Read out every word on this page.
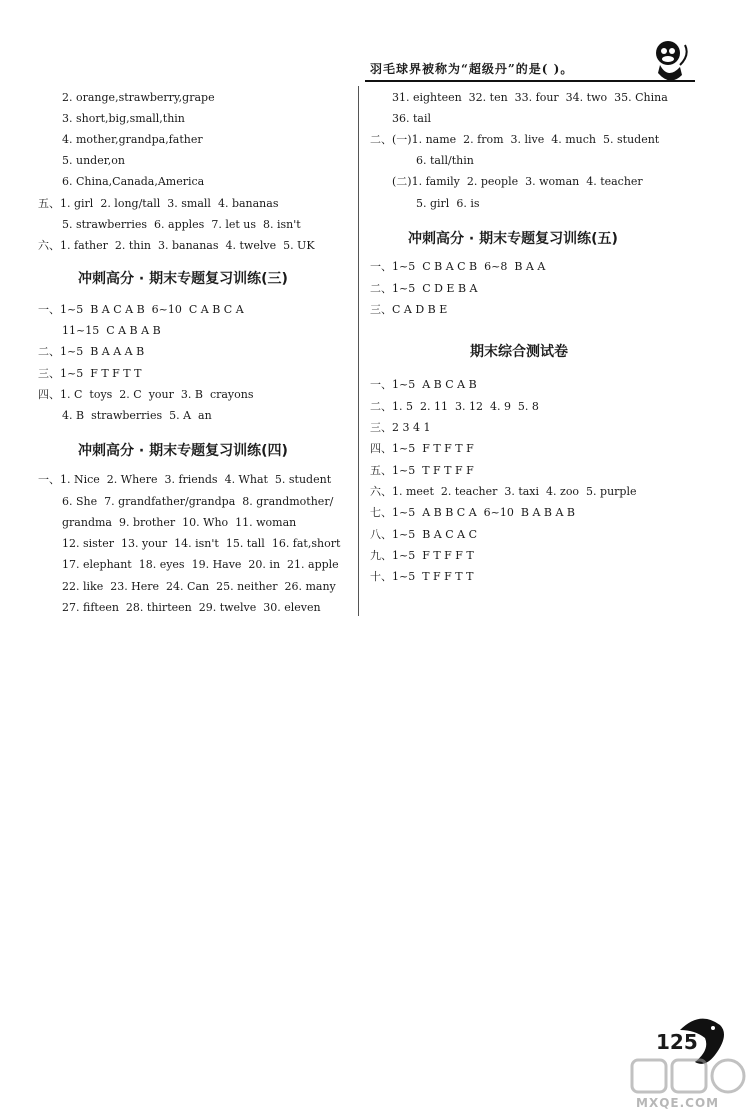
羽毛球界被称为“超级丹”的是( )。
2. orange,strawberry,grape
3. short,big,small,thin
4. mother,grandpa,father
5. under,on
6. China,Canada,America
五、1. girl  2. long/tall  3. small  4. bananas
5. strawberries  6. apples  7. let us  8. isn't
六、1. father  2. thin  3. bananas  4. twelve  5. UK
冲刺高分 · 期末专题复习训练(三)
一、1~5  B A C A B  6~10  C A B C A
11~15  C A B A B
二、1~5  B A A A B
三、1~5  F T F T T
四、1. C  toys  2. C  your  3. B  crayons
4. B  strawberries  5. A  an
冲刺高分 · 期末专题复习训练(四)
一、1. Nice  2. Where  3. friends  4. What  5. student
6. She  7. grandfather/grandpa  8. grandmother/
grandma  9. brother  10. Who  11. woman
12. sister  13. your  14. isn't  15. tall  16. fat,short
17. elephant  18. eyes  19. Have  20. in  21. apple
22. like  23. Here  24. Can  25. neither  26. many
27. fifteen  28. thirteen  29. twelve  30. eleven
31. eighteen  32. ten  33. four  34. two  35. China
36. tail
二、(一)1. name  2. from  3. live  4. much  5. student
6. tall/thin
(二)1. family  2. people  3. woman  4. teacher
5. girl  6. is
冲刺高分 · 期末专题复习训练(五)
一、1~5  C B A C B  6~8  B A A
二、1~5  C D E B A
三、C A D B E
期末综合测试卷
一、1~5  A B C A B
二、1. 5  2. 11  3. 12  4. 9  5. 8
三、2 3 4 1
四、1~5  F T F T F
五、1~5  T F T F F
六、1. meet  2. teacher  3. taxi  4. zoo  5. purple
七、1~5  A B B C A  6~10  B A B A B
八、1~5  B A C A C
九、1~5  F T F F T
十、1~5  T F F T T
125
MXQE.COM
